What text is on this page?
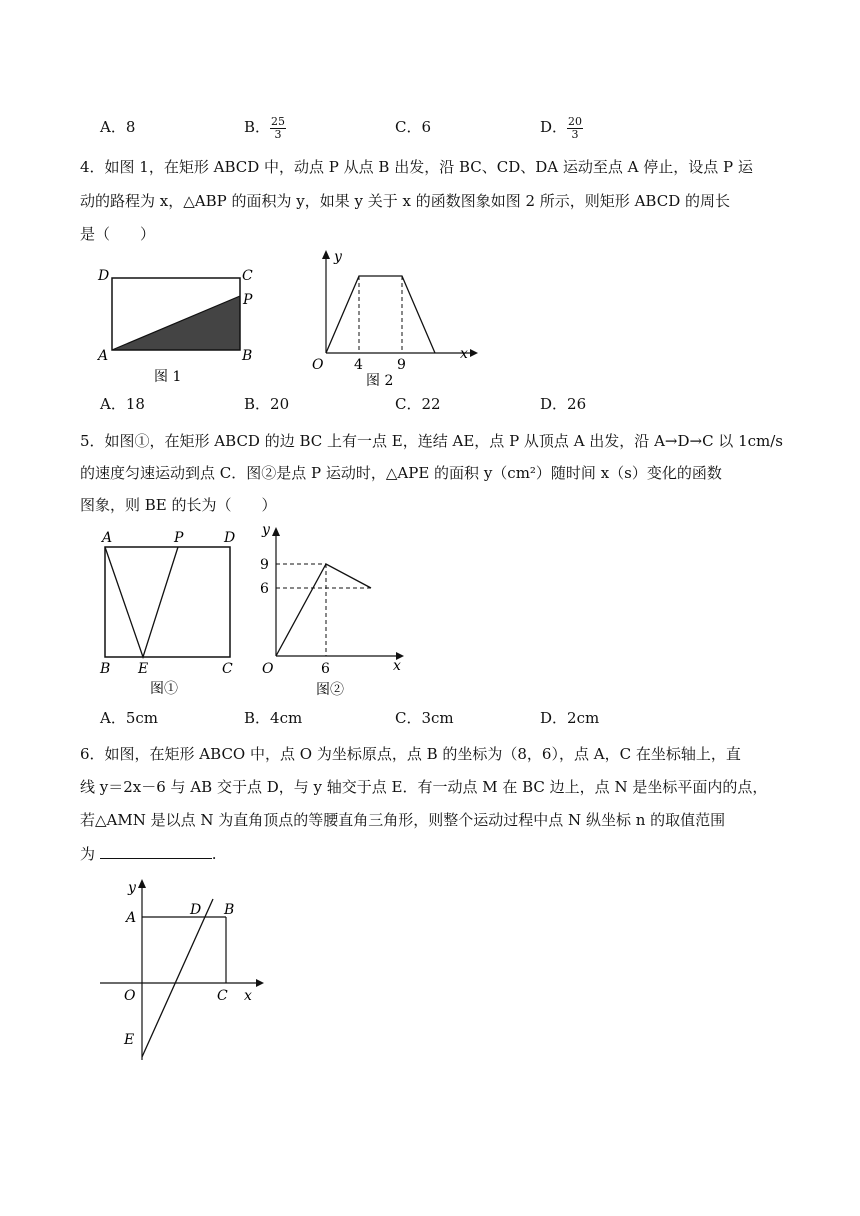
A．8	B． $\frac{25}{3}$	C．6	D． $\frac{20}{3}$
4．如图 1，在矩形 ABCD 中，动点 P 从点 B 出发，沿 BC、CD、DA 运动至点 A 停止，设点 P 运
动的路程为 x，△ABP 的面积为 y，如果 y 关于 x 的函数图象如图 2 所示，则矩形 ABCD 的周长
是（　　）
D	C
P
A	B
图 1
y
x
O 4 9
图 2
A．18	B．20	C．22	D．26
5．如图①，在矩形 ABCD 的边 BC 上有一点 E，连结 AE，点 P 从顶点 A 出发，沿 A→D→C 以 1cm/s
的速度匀速运动到点 C．图②是点 P 运动时，△APE 的面积 y（cm²）随时间 x（s）变化的函数
图象，则 BE 的长为（　　）
A	P	D
B E	C
图①
y
9
6
O	6	x
图②
A．5cm	B．4cm	C．3cm	D．2cm
6．如图，在矩形 ABCO 中，点 O 为坐标原点，点 B 的坐标为（8，6），点 A，C 在坐标轴上，直
线 y＝2x－6 与 AB 交于点 D，与 y 轴交于点 E．有一动点 M 在 BC 边上，点 N 是坐标平面内的点，
若△AMN 是以点 N 为直角顶点的等腰直角三角形，则整个运动过程中点 N 纵坐标 n 的取值范围
为	.
y
A	D B
O	C x
E
